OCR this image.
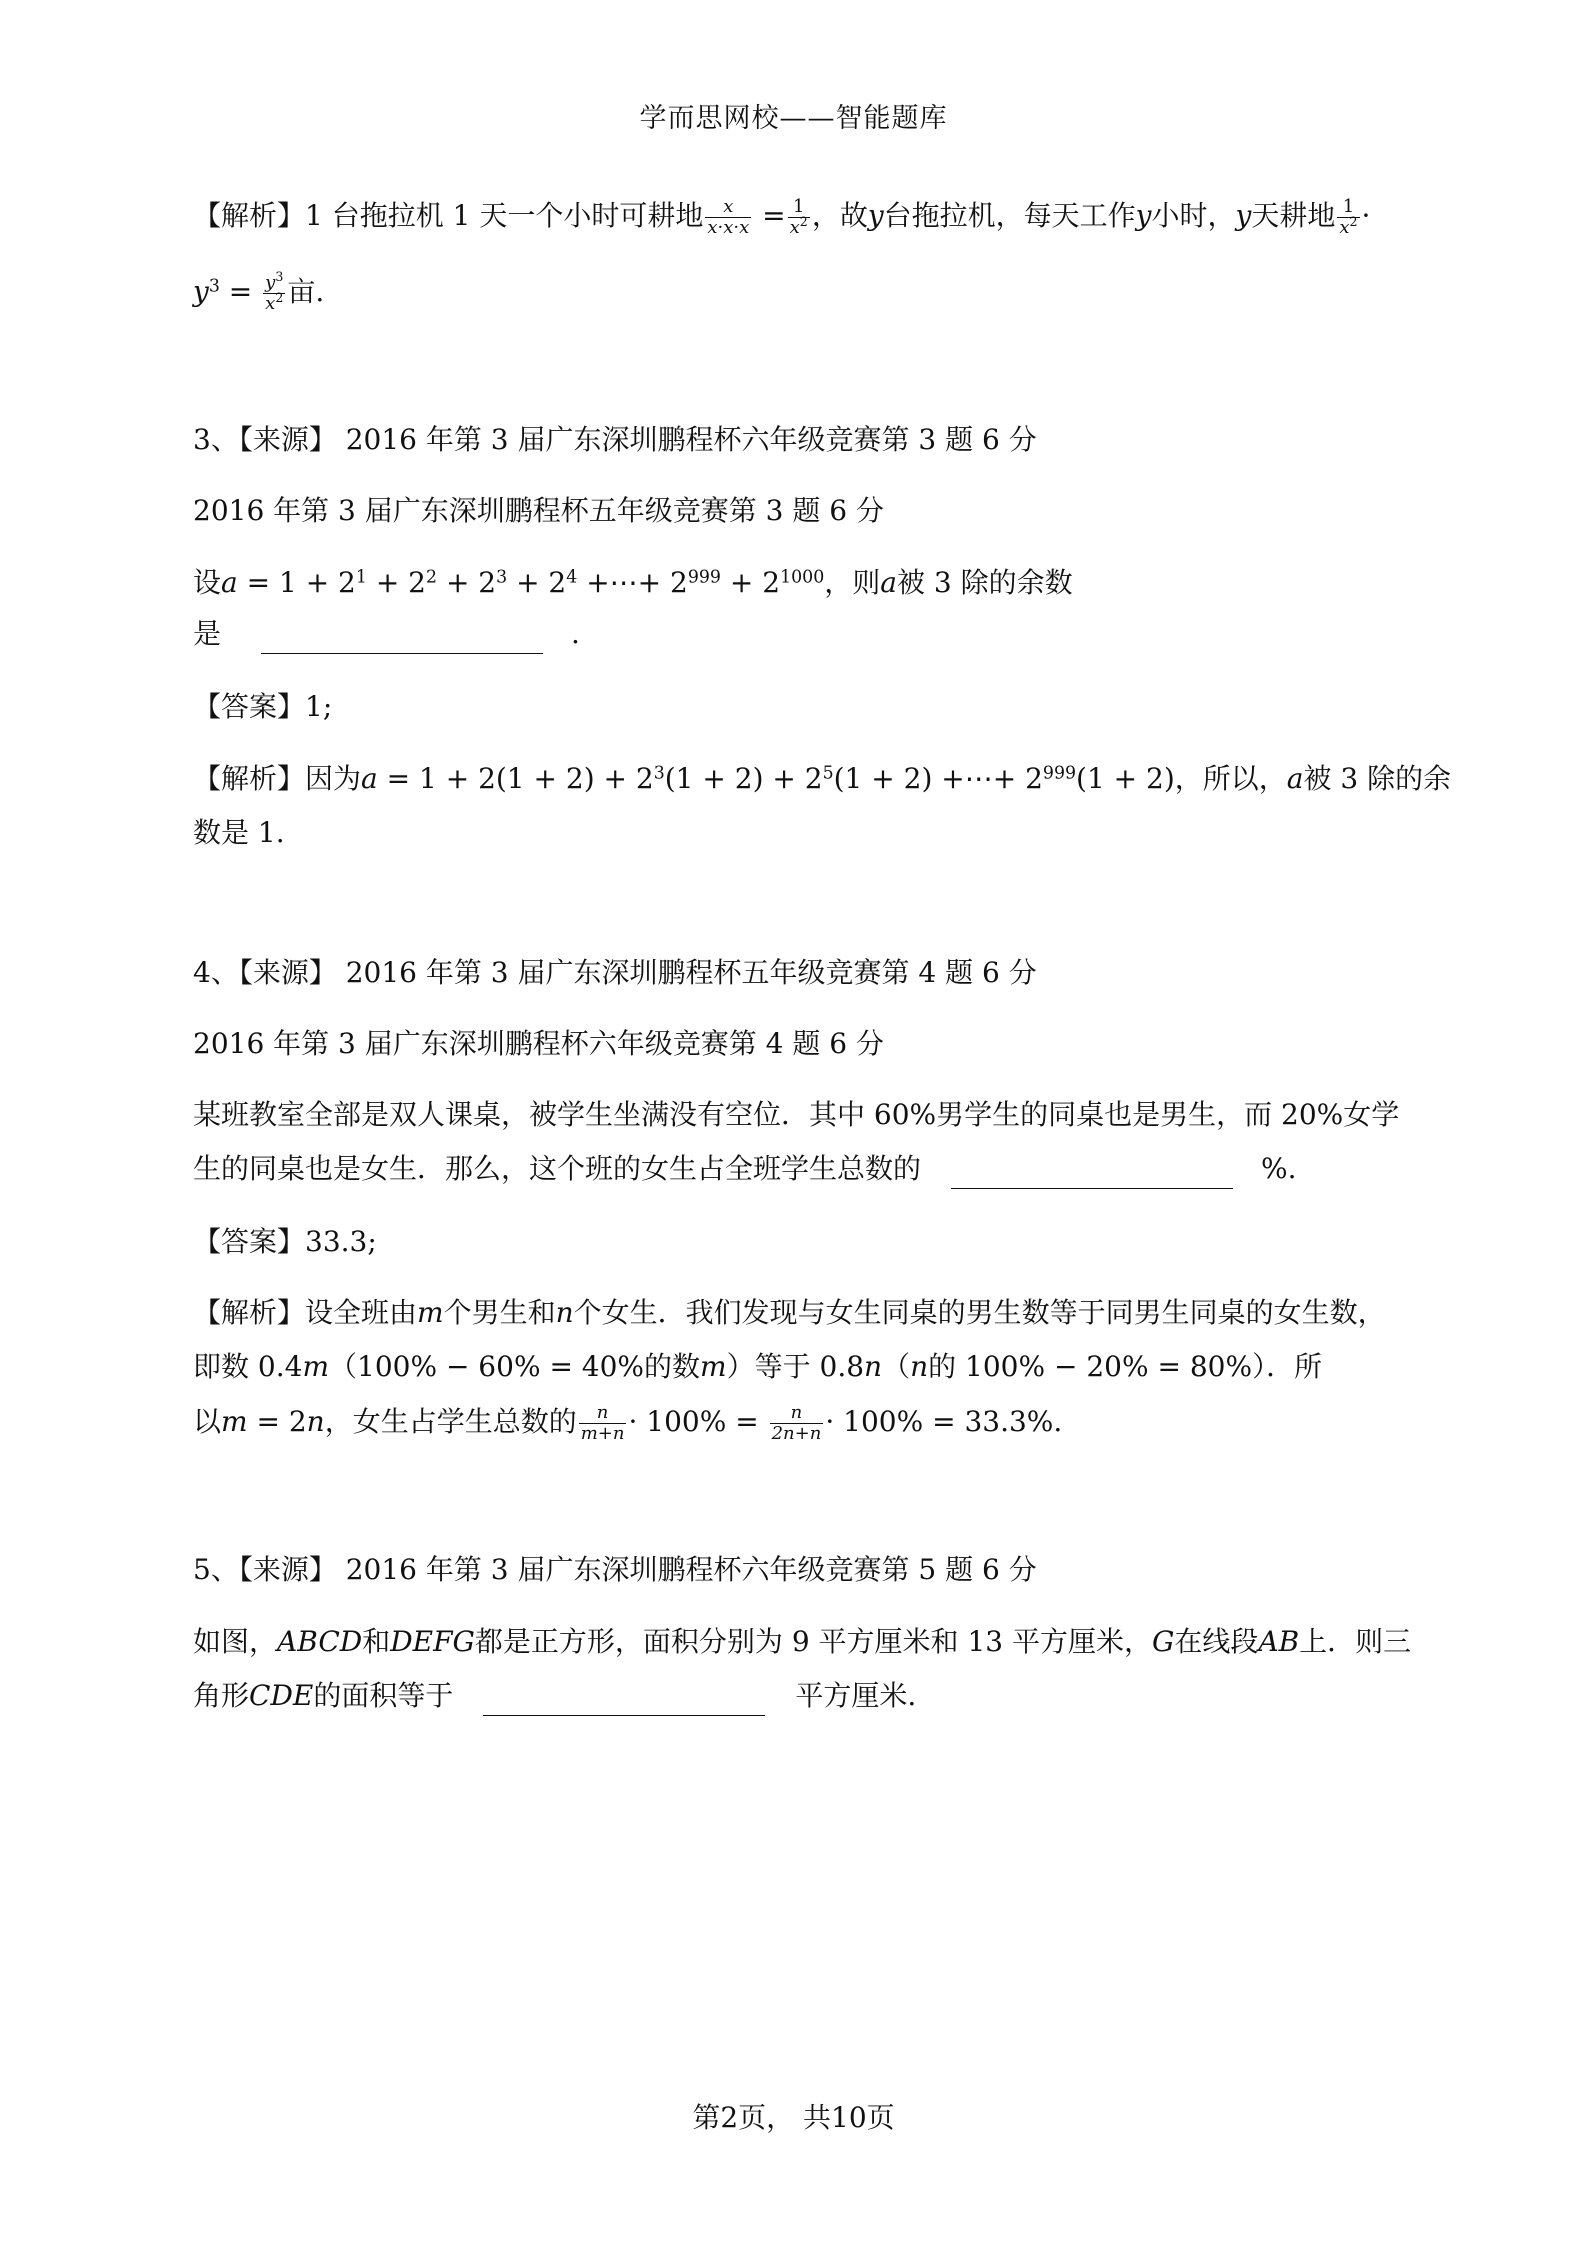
学而思网校——智能题库
【解析】1 台拖拉机 1 天一个小时可耕地 $\frac{x}{x\cdot x\cdot x} = \frac{1}{x^2}$ ，故y台拖拉机，每天工作y小时，y天耕地 $\frac{1}{x^2}$ ·
$y^3 = \frac{y^3}{x^2}$ 亩.
3、【来源】 2016 年第 3 届广东深圳鹏程杯六年级竞赛第 3 题 6 分
2016 年第 3 届广东深圳鹏程杯五年级竞赛第 3 题 6 分
设$a = 1 + 2^1 + 2^2 + 2^3 + 2^4$ +⋯+ $2^{999} + 2^{1000}$，则a被 3 除的余数
是	.
【答案】1;
【解析】因为$a = 1 + 2(1 + 2) + 2^3(1 + 2) + 2^5(1 + 2)$ +⋯+ $2^{999}(1 + 2)$，所以，a被 3 除的余
数是 1.
4、【来源】 2016 年第 3 届广东深圳鹏程杯五年级竞赛第 4 题 6 分
2016 年第 3 届广东深圳鹏程杯六年级竞赛第 4 题 6 分
某班教室全部是双人课桌，被学生坐满没有空位．其中 60%男学生的同桌也是男生，而 20%女学
生的同桌也是女生．那么，这个班的女生占全班学生总数的	%.
【答案】33.3;
【解析】设全班由m个男生和n个女生．我们发现与女生同桌的男生数等于同男生同桌的女生数，
即数 0.4m（100% − 60% = 40%的数m）等于 0.8n（n的 100% − 20% = 80%）．所
以m = 2n，女生占学生总数的 $\frac{n}{m+n} \cdot 100\% = \frac{n}{2n+n} \cdot 100\% = 33.3\%$.
5、【来源】 2016 年第 3 届广东深圳鹏程杯六年级竞赛第 5 题 6 分
如图，ABCD和DEFG都是正方形，面积分别为 9 平方厘米和 13 平方厘米，G在线段AB上．则三
角形CDE的面积等于	平方厘米.
第2页， 共10页
